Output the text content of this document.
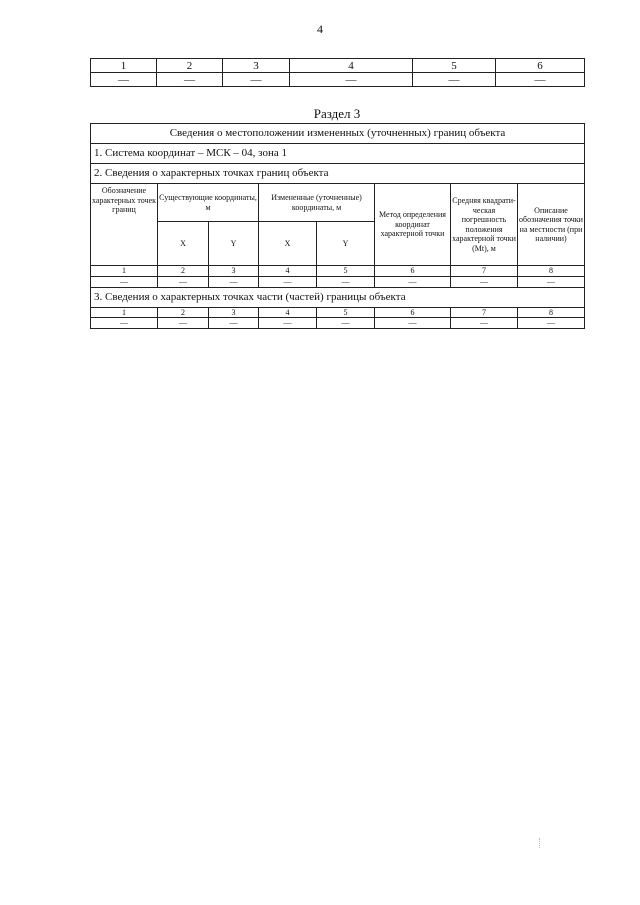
4
1	2	3	4	5	6
—	—	—	—	—	—
Раздел 3
Сведения о местоположении измененных (уточненных) границ объекта							
1. Система координат – МСК – 04, зона 1							
2. Сведения о характерных точках границ объекта							
Обозначение характерных точек границ	Существующие координаты, м		Измененные (уточненные) координаты, м		Метод определения координат характерной точки	Средняя квадрати-ческая погрешность положения характерной точки (Mt), м	Описание обозначения точки на местности (при наличии)
	X	Y	X	Y			
1	2	3	4	5	6	7	8
—	—	—	—	—	—	—	—
3. Сведения о характерных точках части (частей) границы объекта							
1	2	3	4	5	6	7	8
—	—	—	—	—	—	—	—
